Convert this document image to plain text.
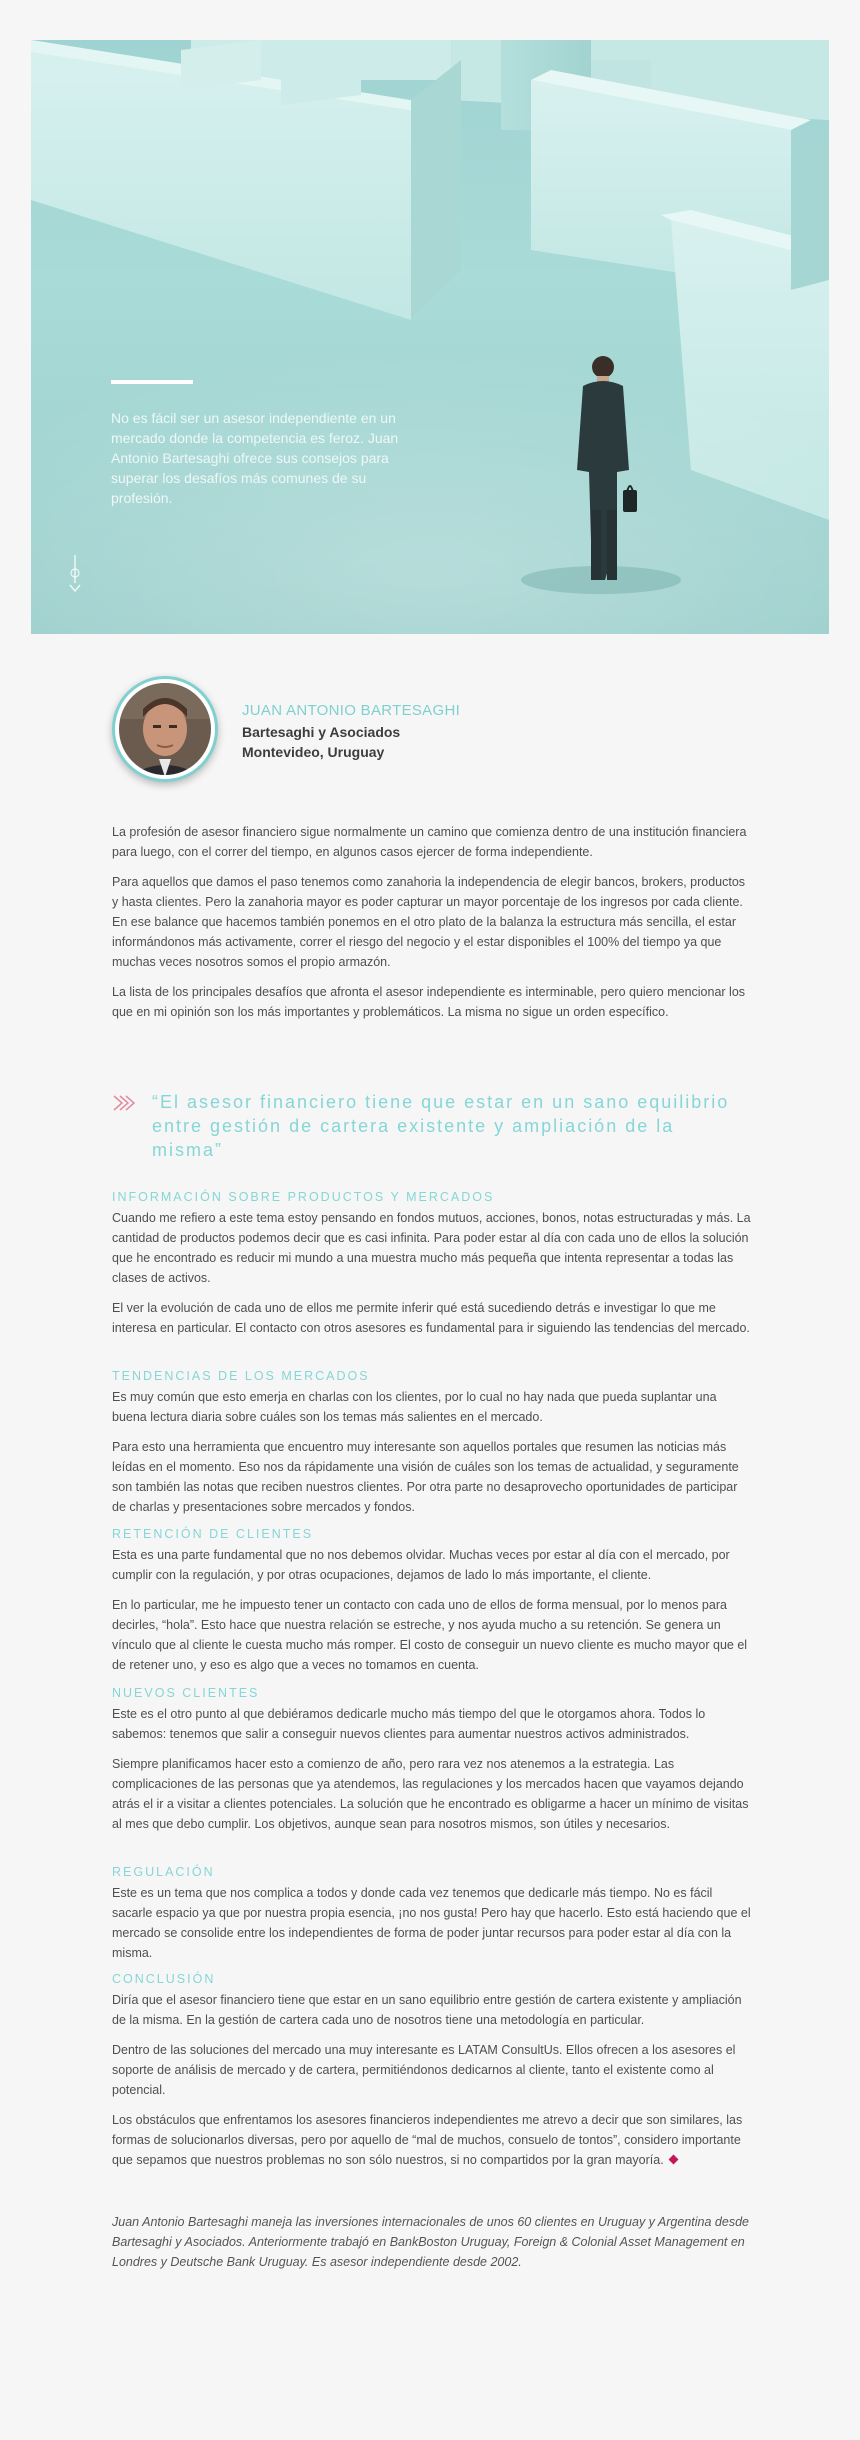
No es fácil ser un asesor independiente en un mercado donde la competencia es feroz. Juan Antonio Bartesaghi ofrece sus consejos para superar los desafíos más comunes de su profesión.
JUAN ANTONIO BARTESAGHI
Bartesaghi y Asociados
Montevideo, Uruguay

La profesión de asesor financiero sigue normalmente un camino que comienza dentro de una institución financiera para luego, con el correr del tiempo, en algunos casos ejercer de forma independiente.

Para aquellos que damos el paso tenemos como zanahoria la independencia de elegir bancos, brokers, productos y hasta clientes. Pero la zanahoria mayor es poder capturar un mayor porcentaje de los ingresos por cada cliente. En ese balance que hacemos también ponemos en el otro plato de la balanza la estructura más sencilla, el estar informándonos más activamente, correr el riesgo del negocio y el estar disponibles el 100% del tiempo ya que muchas veces nosotros somos el propio armazón.

La lista de los principales desafíos que afronta el asesor independiente es interminable, pero quiero mencionar los que en mi opinión son los más importantes y problemáticos. La misma no sigue un orden específico.

“El asesor financiero tiene que estar en un sano equilibrio entre gestión de cartera existente y ampliación de la misma”
INFORMACIÓN SOBRE PRODUCTOS Y MERCADOS

Cuando me refiero a este tema estoy pensando en fondos mutuos, acciones, bonos, notas estructuradas y más. La cantidad de productos podemos decir que es casi infinita. Para poder estar al día con cada uno de ellos la solución que he encontrado es reducir mi mundo a una muestra mucho más pequeña que intenta representar a todas las clases de activos.

El ver la evolución de cada uno de ellos me permite inferir qué está sucediendo detrás e investigar lo que me interesa en particular. El contacto con otros asesores es fundamental para ir siguiendo las tendencias del mercado.

TENDENCIAS DE LOS MERCADOS

Es muy común que esto emerja en charlas con los clientes, por lo cual no hay nada que pueda suplantar una buena lectura diaria sobre cuáles son los temas más salientes en el mercado.

Para esto una herramienta que encuentro muy interesante son aquellos portales que resumen las noticias más leídas en el momento. Eso nos da rápidamente una visión de cuáles son los temas de actualidad, y seguramente son también las notas que reciben nuestros clientes. Por otra parte no desaprovecho oportunidades de participar de charlas y presentaciones sobre mercados y fondos.

RETENCIÓN DE CLIENTES

Esta es una parte fundamental que no nos debemos olvidar. Muchas veces por estar al día con el mercado, por cumplir con la regulación, y por otras ocupaciones, dejamos de lado lo más importante, el cliente.

En lo particular, me he impuesto tener un contacto con cada uno de ellos de forma mensual, por lo menos para decirles, “hola”. Esto hace que nuestra relación se estreche, y nos ayuda mucho a su retención. Se genera un vínculo que al cliente le cuesta mucho más romper. El costo de conseguir un nuevo cliente es mucho mayor que el de retener uno, y eso es algo que a veces no tomamos en cuenta.

NUEVOS CLIENTES

Este es el otro punto al que debiéramos dedicarle mucho más tiempo del que le otorgamos ahora. Todos lo sabemos: tenemos que salir a conseguir nuevos clientes para aumentar nuestros activos administrados.

Siempre planificamos hacer esto a comienzo de año, pero rara vez nos atenemos a la estrategia. Las complicaciones de las personas que ya atendemos, las regulaciones y los mercados hacen que vayamos dejando atrás el ir a visitar a clientes potenciales. La solución que he encontrado es obligarme a hacer un mínimo de visitas al mes que debo cumplir. Los objetivos, aunque sean para nosotros mismos, son útiles y necesarios.

REGULACIÓN

Este es un tema que nos complica a todos y donde cada vez tenemos que dedicarle más tiempo. No es fácil sacarle espacio ya que por nuestra propia esencia, ¡no nos gusta! Pero hay que hacerlo. Esto está haciendo que el mercado se consolide entre los independientes de forma de poder juntar recursos para poder estar al día con la misma.

CONCLUSIÓN

Diría que el asesor financiero tiene que estar en un sano equilibrio entre gestión de cartera existente y ampliación de la misma. En la gestión de cartera cada uno de nosotros tiene una metodología en particular.

Dentro de las soluciones del mercado una muy interesante es LATAM ConsultUs. Ellos ofrecen a los asesores el soporte de análisis de mercado y de cartera, permitiéndonos dedicarnos al cliente, tanto el existente como al potencial.

Los obstáculos que enfrentamos los asesores financieros independientes me atrevo a decir que son similares, las formas de solucionarlos diversas, pero por aquello de “mal de muchos, consuelo de tontos”, considero importante que sepamos que nuestros problemas no son sólo nuestros, si no compartidos por la gran mayoría.

Juan Antonio Bartesaghi maneja las inversiones internacionales de unos 60 clientes en Uruguay y Argentina desde Bartesaghi y Asociados. Anteriormente trabajó en BankBoston Uruguay, Foreign & Colonial Asset Management en Londres y Deutsche Bank Uruguay. Es asesor independiente desde 2002.
